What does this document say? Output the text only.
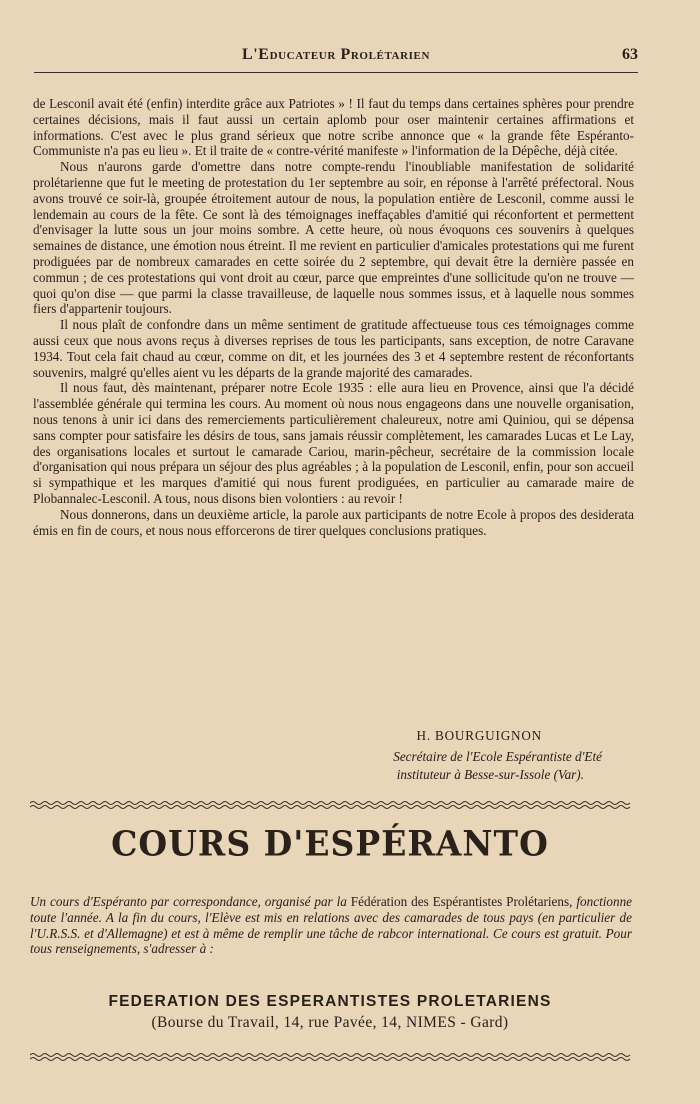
L'Educateur Prolétarien	63

de Lesconil avait été (enfin) interdite grâce aux Patriotes » ! Il faut du temps dans certaines sphères pour prendre certaines décisions, mais il faut aussi un certain aplomb pour oser maintenir certaines affirmations et informations. C'est avec le plus grand sérieux que notre scribe annonce que « la grande fête Espéranto-Communiste n'a pas eu lieu ». Et il traite de « contre-vérité manifeste » l'information de la Dépêche, déjà citée.

Nous n'aurons garde d'omettre dans notre compte-rendu l'inoubliable manifestation de solidarité prolétarienne que fut le meeting de protestation du 1er septembre au soir, en réponse à l'arrêté préfectoral. Nous avons trouvé ce soir-là, groupée étroitement autour de nous, la population entière de Lesconil, comme aussi le lendemain au cours de la fête. Ce sont là des témoignages ineffaçables d'amitié qui réconfortent et permettent d'envisager la lutte sous un jour moins sombre. A cette heure, où nous évoquons ces souvenirs à quelques semaines de distance, une émotion nous étreint. Il me revient en particulier d'amicales protestations qui me furent prodiguées par de nombreux camarades en cette soirée du 2 septembre, qui devait être la dernière passée en commun ; de ces protestations qui vont droit au cœur, parce que empreintes d'une sollicitude qu'on ne trouve — quoi qu'on dise — que parmi la classe travailleuse, de laquelle nous sommes issus, et à laquelle nous sommes fiers d'appartenir toujours.

Il nous plaît de confondre dans un même sentiment de gratitude affectueuse tous ces témoignages comme aussi ceux que nous avons reçus à diverses reprises de tous les participants, sans exception, de notre Caravane 1934. Tout cela fait chaud au cœur, comme on dit, et les journées des 3 et 4 septembre restent de réconfortants souvenirs, malgré qu'elles aient vu les départs de la grande majorité des camarades.

Il nous faut, dès maintenant, préparer notre Ecole 1935 : elle aura lieu en Provence, ainsi que l'a décidé l'assemblée générale qui termina les cours. Au moment où nous nous engageons dans une nouvelle organisation, nous tenons à unir ici dans des remerciements particulièrement chaleureux, notre ami Quiniou, qui se dépensa sans compter pour satisfaire les désirs de tous, sans jamais réussir complètement, les camarades Lucas et Le Lay, des organisations locales et surtout le camarade Cariou, marin-pêcheur, secrétaire de la commission locale d'organisation qui nous prépara un séjour des plus agréables ; à la population de Lesconil, enfin, pour son accueil si sympathique et les marques d'amitié qui nous furent prodiguées, en particulier au camarade maire de Plobannalec-Lesconil. A tous, nous disons bien volontiers : au revoir !

Nous donnerons, dans un deuxième article, la parole aux participants de notre Ecole à propos des desiderata émis en fin de cours, et nous nous efforcerons de tirer quelques conclusions pratiques.

H. BOURGUIGNON
Secrétaire de l'Ecole Espérantiste d'Eté
instituteur à Besse-sur-Issole (Var).
COURS D'ESPÉRANTO
Un cours d'Espéranto par correspondance, organisé par la Fédération des Espérantistes Prolétariens, fonctionne toute l'année. A la fin du cours, l'Elève est mis en relations avec des camarades de tous pays (en particulier de l'U.R.S.S. et d'Allemagne) et est à même de remplir une tâche de rabcor international. Ce cours est gratuit. Pour tous renseignements, s'adresser à :
FEDERATION DES ESPERANTISTES PROLETARIENS
(Bourse du Travail, 14, rue Pavée, 14, NIMES - Gard)
